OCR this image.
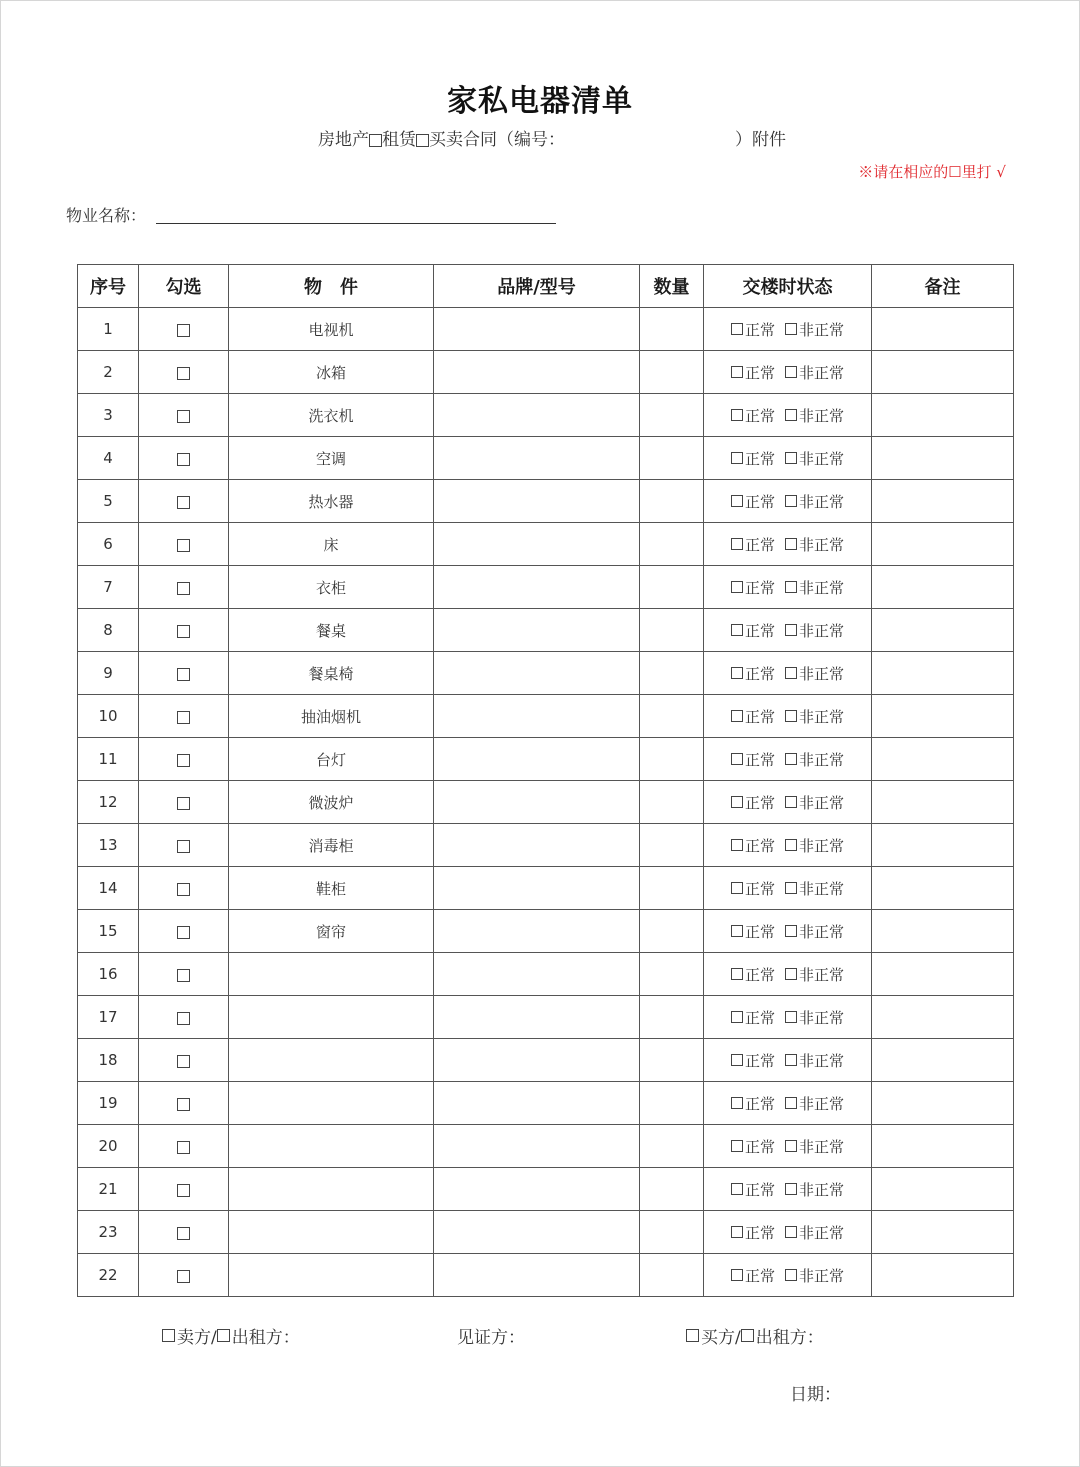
家私电器清单
房地产 租赁 买卖合同（编号：	）附件
※请在相应的☐里打 √
物业名称：
序号	勾选	物　件	品牌/型号	数量	交楼时状态	备注
1		电视机			正常 非正常	

2		冰箱			正常 非正常	

3		洗衣机			正常 非正常	

4		空调			正常 非正常	

5		热水器			正常 非正常	

6		床			正常 非正常	

7		衣柜			正常 非正常	

8		餐桌			正常 非正常	

9		餐桌椅			正常 非正常	

10		抽油烟机			正常 非正常	

11		台灯			正常 非正常	

12		微波炉			正常 非正常	

13		消毒柜			正常 非正常	

14		鞋柜			正常 非正常	

15		窗帘			正常 非正常	

16					正常 非正常	

17					正常 非正常	

18					正常 非正常	

19					正常 非正常	

20					正常 非正常	

21					正常 非正常	

23					正常 非正常	

22					正常 非正常	

卖方/ 出租方：	见证方：	买方/ 出租方：
日期：
